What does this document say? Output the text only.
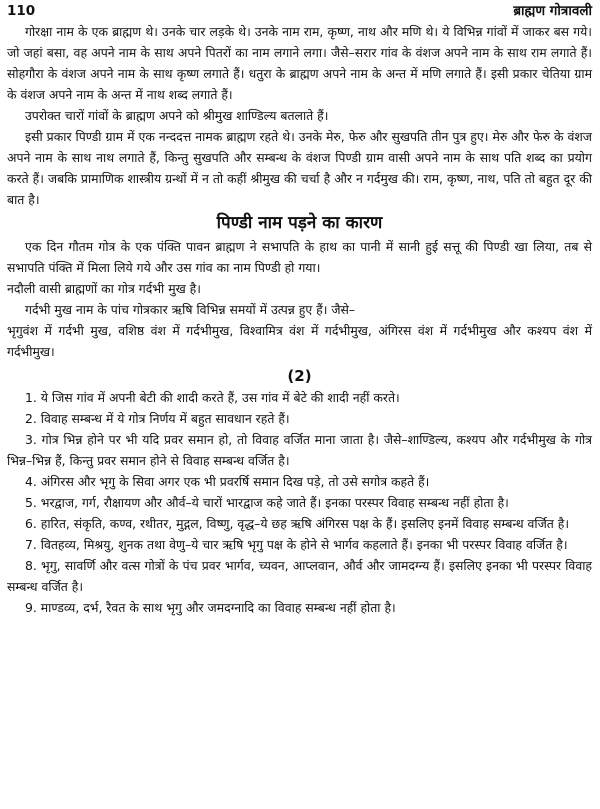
110	ब्राह्मण गोत्रावली

गोरक्षा नाम के एक ब्राह्मण थे। उनके चार लड़के थे। उनके नाम राम, कृष्ण, नाथ और मणि थे। ये विभिन्न गांवों में जाकर बस गये। जो जहां बसा, वह अपने नाम के साथ अपने पितरों का नाम लगाने लगा। जैसे–सरार गांव के वंशज अपने नाम के साथ राम लगाते हैं। सोहगौरा के वंशज अपने नाम के साथ कृष्ण लगाते हैं। धतुरा के ब्राह्मण अपने नाम के अन्त में मणि लगाते हैं। इसी प्रकार चेतिया ग्राम के वंशज अपने नाम के अन्त में नाथ शब्द लगाते हैं।

उपरोक्त चारों गांवों के ब्राह्मण अपने को श्रीमुख शाण्डिल्य बतलाते हैं।

इसी प्रकार पिण्डी ग्राम में एक नन्ददत्त नामक ब्राह्मण रहते थे। उनके मेरु, फेरु और सुखपति तीन पुत्र हुए। मेरु और फेरु के वंशज अपने नाम के साथ नाथ लगाते हैं, किन्तु सुखपति और सम्बन्ध के वंशज पिण्डी ग्राम वासी अपने नाम के साथ पति शब्द का प्रयोग करते हैं। जबकि प्रामाणिक शास्त्रीय ग्रन्थों में न तो कहीं श्रीमुख की चर्चा है और न गर्दमुख की। राम, कृष्ण, नाथ, पति तो बहुत दूर की बात है।

पिण्डी नाम पड़ने का कारण

एक दिन गौतम गोत्र के एक पंक्ति पावन ब्राह्मण ने सभापति के हाथ का पानी में सानी हुई सत्तू की पिण्डी खा लिया, तब से सभापति पंक्ति में मिला लिये गये और उस गांव का नाम पिण्डी हो गया।

नदौली वासी ब्राह्मणों का गोत्र गर्दभी मुख है।

गर्दभी मुख नाम के पांच गोत्रकार ऋषि विभिन्न समयों में उत्पन्न हुए हैं। जैसे–

भृगुवंश में गर्दभी मुख, वशिष्ठ वंश में गर्दभीमुख, विश्वामित्र वंश में गर्दभीमुख, अंगिरस वंश में गर्दभीमुख और कश्यप वंश में गर्दभीमुख।

(2)

1. ये जिस गांव में अपनी बेटी की शादी करते हैं, उस गांव में बेटे की शादी नहीं करते।

2. विवाह सम्बन्ध में ये गोत्र निर्णय में बहुत सावधान रहते हैं।

3. गोत्र भिन्न होने पर भी यदि प्रवर समान हो, तो विवाह वर्जित माना जाता है। जैसे–शाण्डिल्य, कश्यप और गर्दभीमुख के गोत्र भिन्न–भिन्न हैं, किन्तु प्रवर समान होने से विवाह सम्बन्ध वर्जित है।

4. अंगिरस और भृगु के सिवा अगर एक भी प्रवरर्षि समान दिख पड़े, तो उसे सगोत्र कहते हैं।

5. भरद्वाज, गर्ग, रौक्षायण और और्व–ये चारों भारद्वाज कहे जाते हैं। इनका परस्पर विवाह सम्बन्ध नहीं होता है।

6. हारित, संकृति, कण्व, रथीतर, मुद्गल, विष्णु, वृद्ध–ये छह ऋषि अंगिरस पक्ष के हैं। इसलिए इनमें विवाह सम्बन्ध वर्जित है।

7. वितहव्य, मिश्रयु, शुनक तथा वेणु–ये चार ऋषि भृगु पक्ष के होने से भार्गव कहलाते हैं। इनका भी परस्पर विवाह वर्जित है।

8. भृगु, सावर्णि और वत्स गोत्रों के पंच प्रवर भार्गव, च्यवन, आप्लवान, और्व और जामदग्न्य हैं। इसलिए इनका भी परस्पर विवाह सम्बन्ध वर्जित है।

9. माण्डव्य, दर्भ, रैवत के साथ भृगु और जमदग्नादि का विवाह सम्बन्ध नहीं होता है।
